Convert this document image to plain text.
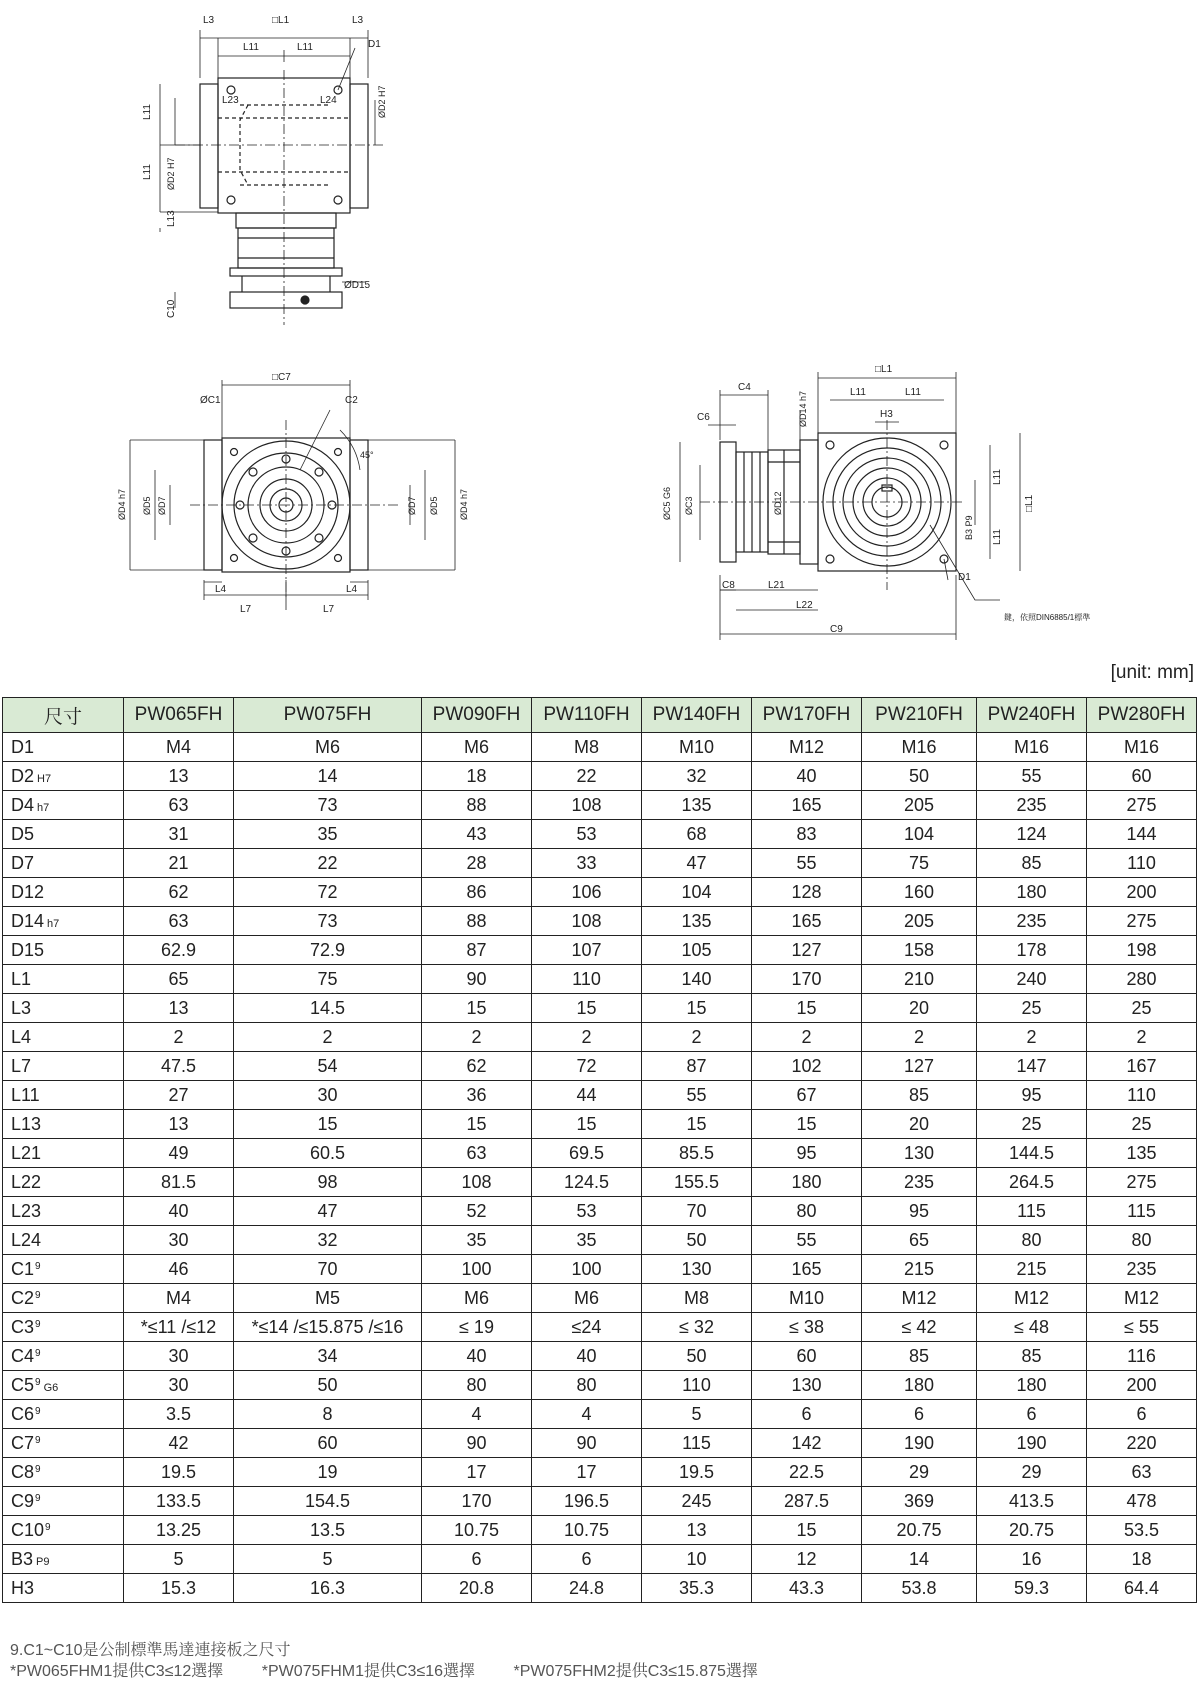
L3	□L1	L3
L11	L11	D1
L23	L24	ØD2 H7
L11
L11 ØD2 H7
L13
ØD15
C10
□C7
ØC1	C2
45°
ØD4 h7 ØD5 ØD7	ØD7 ØD5 ØD4 h7
L4	L4
L7	L7
C4
C6	ØD14 h7
□L1
L11	L11
H3
ØC5 G6 ØC3	ØD12
L11
□L1
L11
B3 P9
C8	L21
L22
C9
D1
鍵，依照DIN6885/1標準
[unit: mm]
尺寸	PW065FH	PW075FH	PW090FH	PW110FH	PW140FH	PW170FH	PW210FH	PW240FH	PW280FH
D1	M4	M6	M6	M8	M10	M12	M16	M16	M16
D2 H7	13	14	18	22	32	40	50	55	60
D4 h7	63	73	88	108	135	165	205	235	275
D5	31	35	43	53	68	83	104	124	144
D7	21	22	28	33	47	55	75	85	110
D12	62	72	86	106	104	128	160	180	200
D14 h7	63	73	88	108	135	165	205	235	275
D15	62.9	72.9	87	107	105	127	158	178	198
L1	65	75	90	110	140	170	210	240	280
L3	13	14.5	15	15	15	15	20	25	25
L4	2	2	2	2	2	2	2	2	2
L7	47.5	54	62	72	87	102	127	147	167
L11	27	30	36	44	55	67	85	95	110
L13	13	15	15	15	15	15	20	25	25
L21	49	60.5	63	69.5	85.5	95	130	144.5	135
L22	81.5	98	108	124.5	155.5	180	235	264.5	275
L23	40	47	52	53	70	80	95	115	115
L24	30	32	35	35	50	55	65	80	80
$C1^9$	46	70	100	100	130	165	215	215	235
$C2^9$	M4	M5	M6	M6	M8	M10	M12	M12	M12
$C3^9$	*≤11 /≤12	*≤14 /≤15.875 /≤16	≤ 19	≤24	≤ 32	≤ 38	≤ 42	≤ 48	≤ 55
$C4^9$	30	34	40	40	50	60	85	85	116
$C5^9$ G6	30	50	80	80	110	130	180	180	200
$C6^9$	3.5	8	4	4	5	6	6	6	6
$C7^9$	42	60	90	90	115	142	190	190	220
$C8^9$	19.5	19	17	17	19.5	22.5	29	29	63
$C9^9$	133.5	154.5	170	196.5	245	287.5	369	413.5	478
$C10^9$	13.25	13.5	10.75	10.75	13	15	20.75	20.75	53.5
B3 P9	5	5	6	6	10	12	14	16	18
H3	15.3	16.3	20.8	24.8	35.3	43.3	53.8	59.3	64.4
9.C1~C10是公制標準馬達連接板之尺寸
*PW065FHM1提供C3≤12選擇 *PW075FHM1提供C3≤16選擇 *PW075FHM2提供C3≤15.875選擇
